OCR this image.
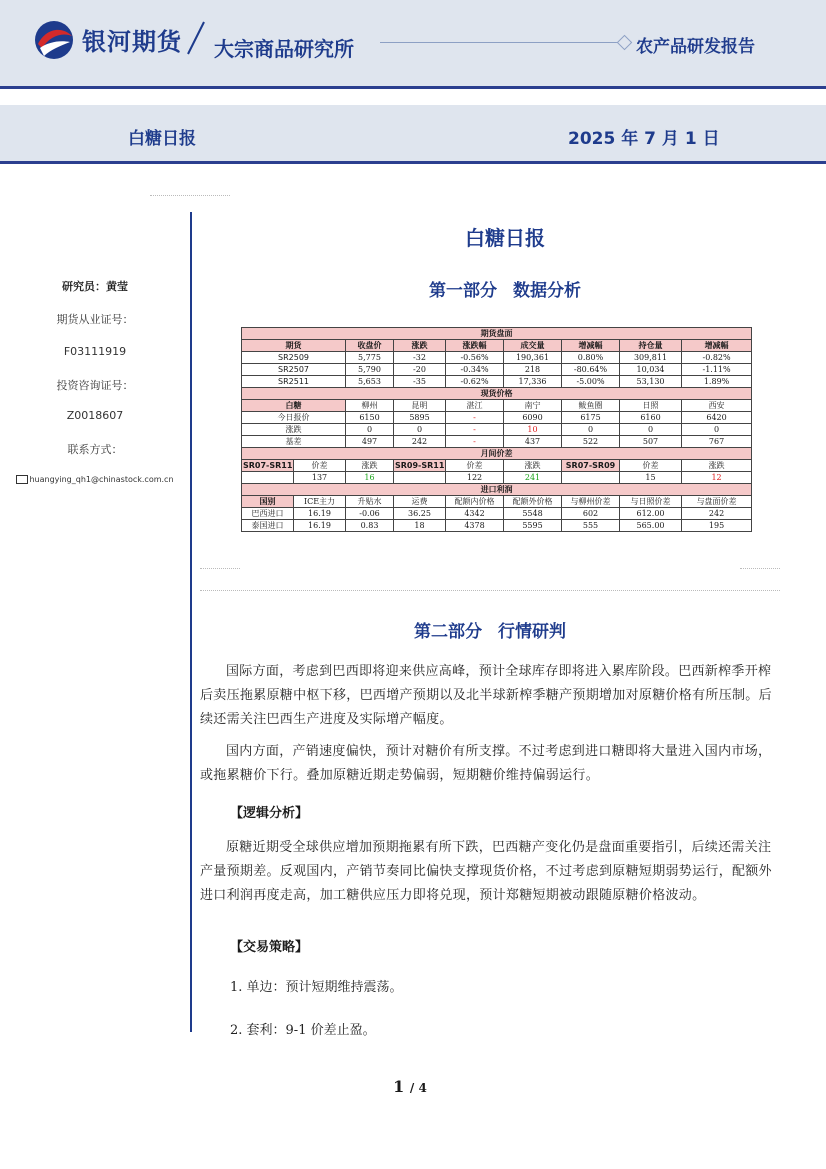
银河期货 大宗商品研究所	农产品研发报告
白糖日报	2025 年 7 月 1 日
研究员：黄莹
期货从业证号：
F03111919
投资咨询证号：
Z0018607
联系方式：
huangying_qh1@chinastock.com.cn
白糖日报
第一部分 数据分析
期货盘面								
期货		收盘价	涨跌	涨跌幅	成交量	增减幅	持仓量	增减幅
SR2509		5,775	-32	-0.56%	190,361	0.80%	309,811	-0.82%
SR2507		5,790	-20	-0.34%	218	-80.64%	10,034	-1.11%
SR2511		5,653	-35	-0.62%	17,336	-5.00%	53,130	1.89%
现货价格								
白糖		柳州	昆明	湛江	南宁	鲅鱼圈	日照	西安
今日报价		6150	5895	-	6090	6175	6160	6420
涨跌		0	0	-	10	0	0	0
基差		497	242	-	437	522	507	767
月间价差								
SR07-SR11	价差	涨跌	SR09-SR11	价差	涨跌	SR07-SR09	价差	涨跌
	137	16		122	241		15	12
进口利润								
国别	ICE主力	升贴水	运费	配额内价格	配额外价格	与柳州价差	与日照价差	与盘面价差
巴西进口	16.19	-0.06	36.25	4342	5548	602	612.00	242
泰国进口	16.19	0.83	18	4378	5595	555	565.00	195
第二部分 行情研判

国际方面，考虑到巴西即将迎来供应高峰，预计全球库存即将进入累库阶段。巴西新榨季开榨后卖压拖累原糖中枢下移，巴西增产预期以及北半球新榨季糖产预期增加对原糖价格有所压制。后续还需关注巴西生产进度及实际增产幅度。

国内方面，产销速度偏快，预计对糖价有所支撑。不过考虑到进口糖即将大量进入国内市场，或拖累糖价下行。叠加原糖近期走势偏弱，短期糖价维持偏弱运行。

【逻辑分析】

原糖近期受全球供应增加预期拖累有所下跌，巴西糖产变化仍是盘面重要指引，后续还需关注产量预期差。反观国内，产销节奏同比偏快支撑现货价格，不过考虑到原糖短期弱势运行，配额外进口利润再度走高，加工糖供应压力即将兑现，预计郑糖短期被动跟随原糖价格波动。

【交易策略】
1. 单边：预计短期维持震荡。
2. 套利：9-1 价差止盈。
1 / 4
